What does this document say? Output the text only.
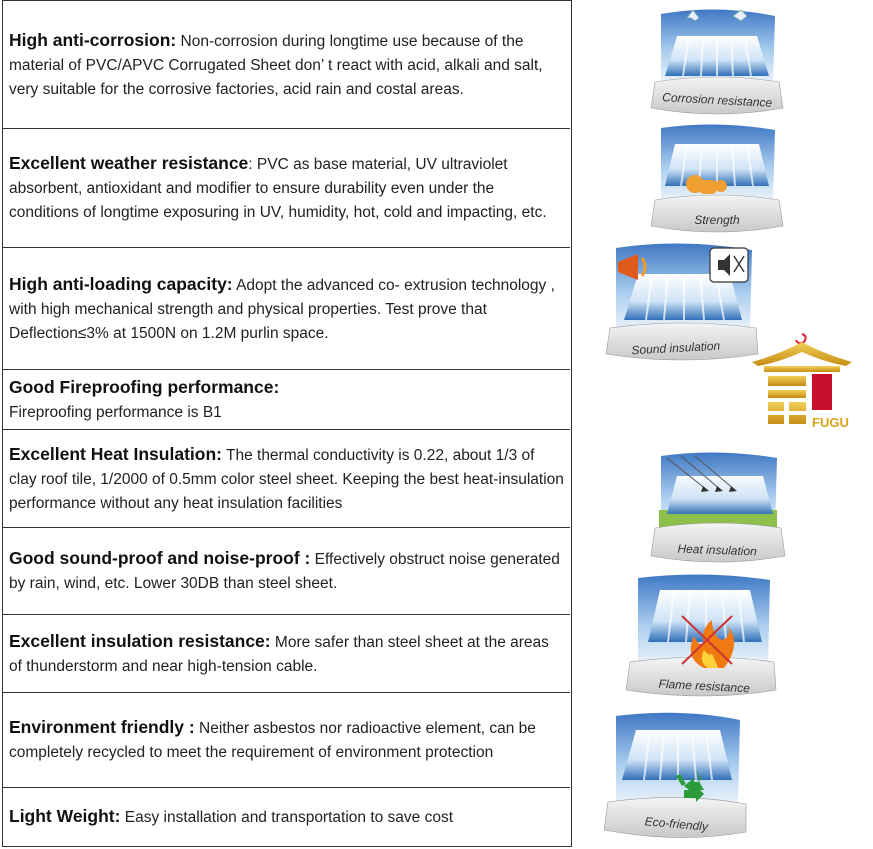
High anti-corrosion: Non-corrosion during longtime use because of the material of PVC/APVC Corrugated Sheet don’ t react with acid, alkali and salt, very suitable for the corrosive factories, acid rain and costal areas.

Excellent weather resistance: PVC as base material, UV ultraviolet absorbent, antioxidant and modifier to ensure durability even under the conditions of longtime exposuring in UV, humidity, hot, cold and impacting, etc.

High anti-loading capacity: Adopt the advanced co- extrusion technology , with high mechanical strength and physical properties. Test prove that Deflection≤3% at 1500N on 1.2M purlin space.

Good Fireproofing performance:
Fireproofing performance is B1

Excellent Heat Insulation: The thermal conductivity is 0.22, about 1/3 of clay roof tile, 1/2000 of 0.5mm color steel sheet. Keeping the best heat-insulation performance without any heat insulation facilities

Good sound-proof and noise-proof : Effectively obstruct noise generated by rain, wind, etc. Lower 30DB than steel sheet.

Excellent insulation resistance: More safer than steel sheet at the areas of thunderstorm and near high-tension cable.

Environment friendly : Neither asbestos nor radioactive element, can be completely recycled to meet the requirement of environment protection

Light Weight: Easy installation and transportation to save cost

Corrosion resistance
Strength
Sound insulation
FUGU
Heat insulation
Flame resistance
Eco-friendly
